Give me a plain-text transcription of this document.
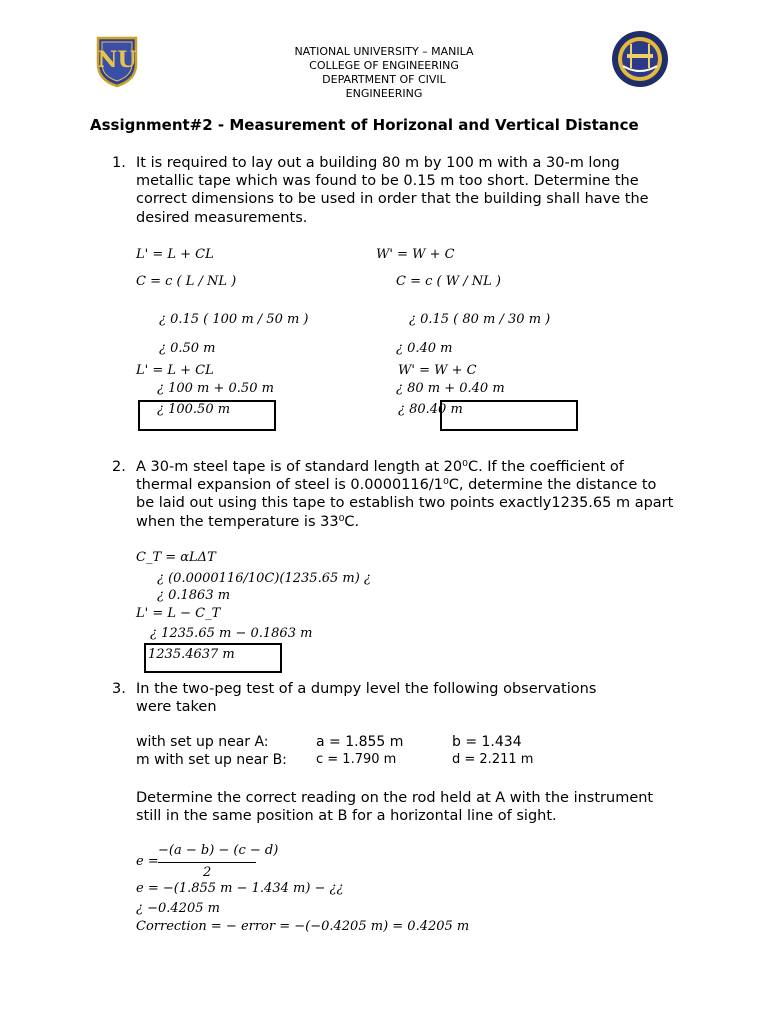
NU	NATIONAL UNIVERSITY – MANILA
COLLEGE OF ENGINEERING
DEPARTMENT OF CIVIL
ENGINEERING
Assignment#2 - Measurement of Horizonal and Vertical Distance
1. It is required to lay out a building 80 m by 100 m with a 30-m long metallic tape which was found to be 0.15 m too short. Determine the correct dimensions to be used in order that the building shall have the desired measurements.
L' = L + CL
C = c ( L / NL )
¿ 0.15 ( 100 m / 50 m )
¿ 0.50 m
L' = L + CL
¿ 100 m + 0.50 m
¿ 100.50 m
W' = W + C
C = c ( W / NL )
¿ 0.15 ( 80 m / 30 m )
¿ 0.40 m
W' = W + C
¿ 80 m + 0.40 m
¿ 80.40 m
2. A 30-m steel tape is of standard length at 20⁰C. If the coefficient of thermal expansion of steel is 0.0000116/1⁰C, determine the distance to be laid out using this tape to establish two points exactly1235.65 m apart when the temperature is 33⁰C.
C_T = αLΔT
¿ (0.0000116/10C)(1235.65 m) ¿
¿ 0.1863 m
L' = L − C_T
¿ 1235.65 m − 0.1863 m
1235.4637 m
3. In the two-peg test of a dumpy level the following observations were taken
with set up near A:	a = 1.855 m	b = 1.434
m with set up near B: c = 1.790 m	d = 2.211 m
Determine the correct reading on the rod held at A with the instrument still in the same position at B for a horizontal line of sight.
e =
−(a − b) − (c − d)
2
e = −(1.855 m − 1.434 m) − ¿¿
¿ −0.4205 m
Correction = − error = −(−0.4205 m) = 0.4205 m
